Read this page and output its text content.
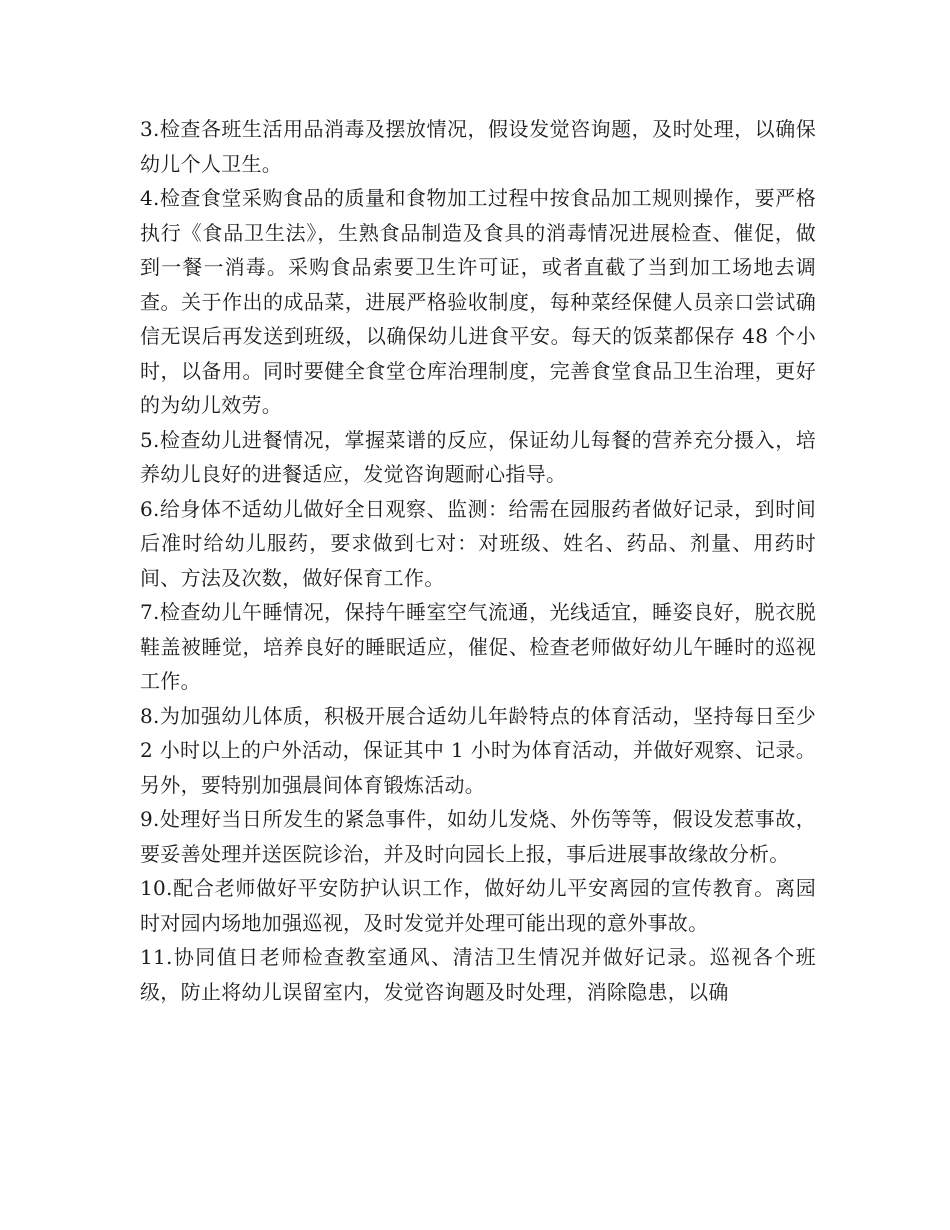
3.检查各班生活用品消毒及摆放情况，假设发觉咨询题，及时处理，以确保幼儿个人卫生。

4.检查食堂采购食品的质量和食物加工过程中按食品加工规则操作，要严格执行《食品卫生法》，生熟食品制造及食具的消毒情况进展检查、催促，做到一餐一消毒。采购食品索要卫生许可证，或者直截了当到加工场地去调查。关于作出的成品菜，进展严格验收制度，每种菜经保健人员亲口尝试确信无误后再发送到班级，以确保幼儿进食平安。每天的饭菜都保存 48 个小时，以备用。同时要健全食堂仓库治理制度，完善食堂食品卫生治理，更好的为幼儿效劳。

5.检查幼儿进餐情况，掌握菜谱的反应，保证幼儿每餐的营养充分摄入，培养幼儿良好的进餐适应，发觉咨询题耐心指导。

6.给身体不适幼儿做好全日观察、监测：给需在园服药者做好记录，到时间后准时给幼儿服药，要求做到七对：对班级、姓名、药品、剂量、用药时间、方法及次数，做好保育工作。

7.检查幼儿午睡情况，保持午睡室空气流通，光线适宜，睡姿良好，脱衣脱鞋盖被睡觉，培养良好的睡眠适应，催促、检查老师做好幼儿午睡时的巡视工作。

8.为加强幼儿体质，积极开展合适幼儿年龄特点的体育活动，坚持每日至少 2 小时以上的户外活动，保证其中 1 小时为体育活动，并做好观察、记录。另外，要特别加强晨间体育锻炼活动。

9.处理好当日所发生的紧急事件，如幼儿发烧、外伤等等，假设发惹事故，要妥善处理并送医院诊治，并及时向园长上报，事后进展事故缘故分析。

10.配合老师做好平安防护认识工作，做好幼儿平安离园的宣传教育。离园时对园内场地加强巡视，及时发觉并处理可能出现的意外事故。

11.协同值日老师检查教室通风、清洁卫生情况并做好记录。巡视各个班级，防止将幼儿误留室内，发觉咨询题及时处理，消除隐患，以确
